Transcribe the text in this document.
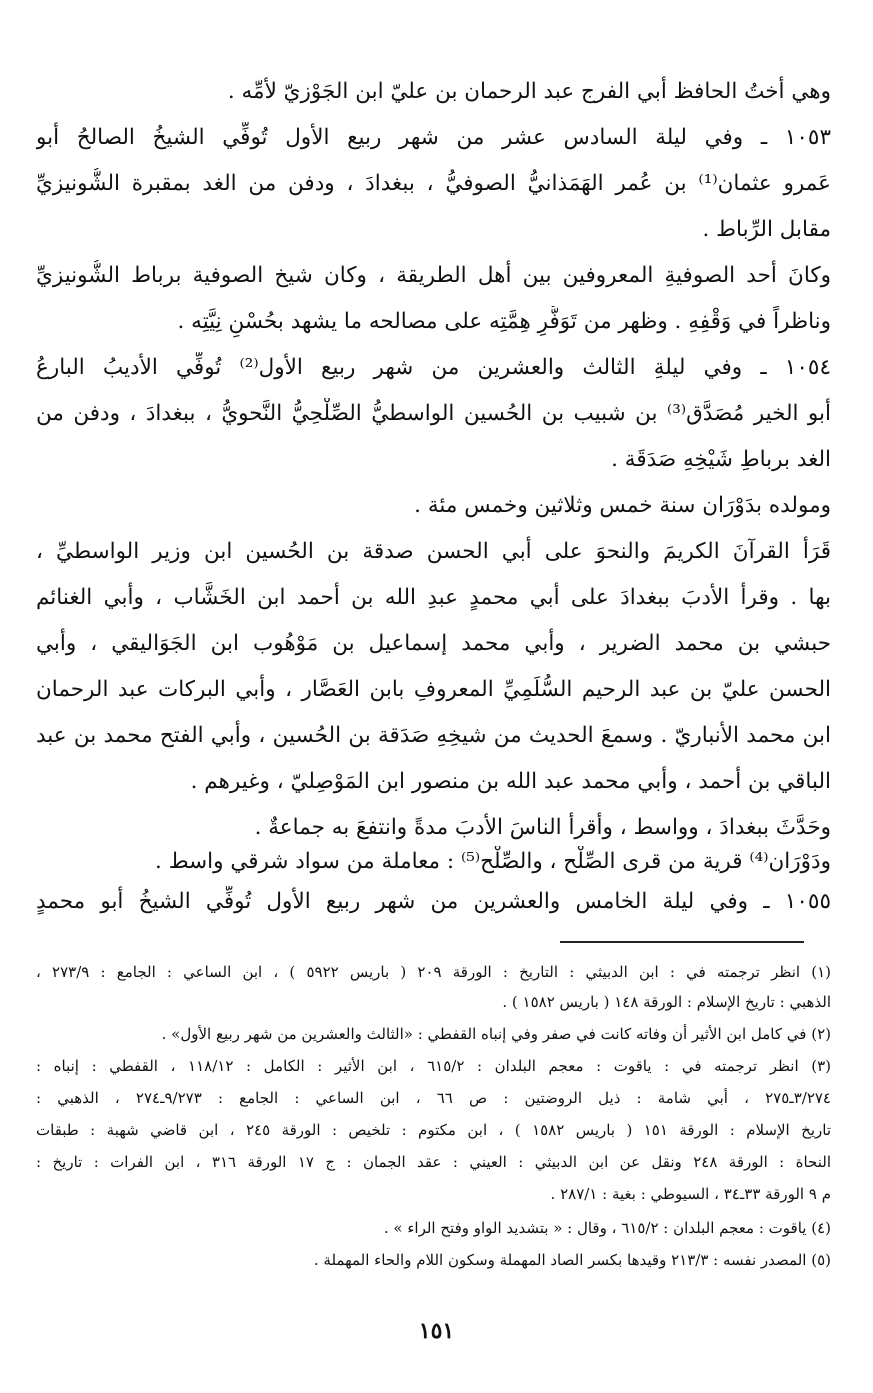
وهي أختُ الحافظ أبي الفرج عبد الرحمان بن عليّ ابن الجَوْزيّ لأمِّه .
١٠٥٣ ـ وفي ليلة السادس عشر من شهر ربيع الأول تُوفِّي الشيخُ الصالحُ أبو
عَمرو عثمان⁽¹⁾ بن عُمر الهَمَذانيُّ الصوفيُّ ، ببغدادَ ، ودفن من الغد بمقبرة الشُّونيزيِّ
مقابل الرِّباط .
وكانَ أحد الصوفيةِ المعروفين بين أهل الطريقة ، وكان شيخ الصوفية برباط الشُّونيزيِّ
وناظراً في وَقْفِهِ . وظهر من تَوَفُّرِ هِمَّتِه على مصالحه ما يشهد بحُسْنِ نِيَّتِه .
١٠٥٤ ـ وفي ليلةِ الثالث والعشرين من شهر ربيع الأول⁽²⁾ تُوفِّي الأديبُ البارعُ
أبو الخير مُصَدَّق⁽³⁾ بن شبيب بن الحُسين الواسطيُّ الصِّلْحِيُّ النَّحويُّ ، ببغدادَ ، ودفن من
الغد برباطِ شَيْخِهِ صَدَقَة .
ومولده بدَوْرَان سنة خمس وثلاثين وخمس مئة .
قَرَأ القرآنَ الكريمَ والنحوَ على أبي الحسن صدقة بن الحُسين ابن وزير الواسطيِّ ،
بها . وقرأ الأدبَ ببغدادَ على أبي محمدٍ عبدِ الله بن أحمد ابن الخَشَّاب ، وأبي الغنائم
حبشي بن محمد الضرير ، وأبي محمد إسماعيل بن مَوْهُوب ابن الجَوَاليقي ، وأبي
الحسن عليّ بن عبد الرحيم السُّلَمِيِّ المعروفِ بابن العَصَّار ، وأبي البركات عبد الرحمان
ابن محمد الأنباريّ . وسمعَ الحديث من شيخِهِ صَدَقة بن الحُسين ، وأبي الفتح محمد بن عبد
الباقي بن أحمد ، وأبي محمد عبد الله بن منصور ابن المَوْصِليّ ، وغيرهم .
وحَدَّثَ ببغدادَ ، وواسط ، وأقرأَ الناسَ الأدبَ مدةً وانتفعَ به جماعةٌ .
ودَوْرَان⁽⁴⁾ قرية من قرى الصِّلْح ، والصِّلْح⁽⁵⁾ : معاملة من سواد شرقي واسط .
١٠٥٥ ـ وفي ليلة الخامس والعشرين من شهر ربيع الأول تُوفِّي الشيخُ أبو محمدٍ
(١) انظر ترجمته في : ابن الدبيثي : التاريخ : الورقة ٢٠٩ ( باريس ٥٩٢٢ ) ، ابن الساعي : الجامع : ٢٧٣/٩ ،
الذهبي : تاريخ الإسلام : الورقة ١٤٨ ( باريس ١٥٨٢ ) .
(٢) في كامل ابن الأثير أن وفاته كانت في صفر وفي إنباه القفطي : «الثالث والعشرين من شهر ربيع الأول» .
(٣) انظر ترجمته في : ياقوت : معجم البلدان : ٦١٥/٢ ، ابن الأثير : الكامل : ١١٨/١٢ ، القفطي : إنباه :
٣/٢٧٤ـ٢٧٥ ، أبي شامة : ذيل الروضتين : ص ٦٦ ، ابن الساعي : الجامع : ٩/٢٧٣ـ٢٧٤ ، الذهبي :
تاريخ الإسلام : الورقة ١٥١ ( باريس ١٥٨٢ ) ، ابن مكتوم : تلخيص : الورقة ٢٤٥ ، ابن قاضي شهبة : طبقات
النحاة : الورقة ٢٤٨ ونقل عن ابن الدبيثي : العيني : عقد الجمان : ج ١٧ الورقة ٣١٦ ، ابن الفرات : تاريخ :
م ٩ الورقة ٣٣ـ٣٤ ، السيوطي : بغية : ٢٨٧/١ .
(٤) ياقوت : معجم البلدان : ٦١٥/٢ ، وقال : « بتشديد الواو وفتح الراء » .
(٥) المصدر نفسه : ٢١٣/٣ وقيدها بكسر الصاد المهملة وسكون اللام والحاء المهملة .
١٥١
